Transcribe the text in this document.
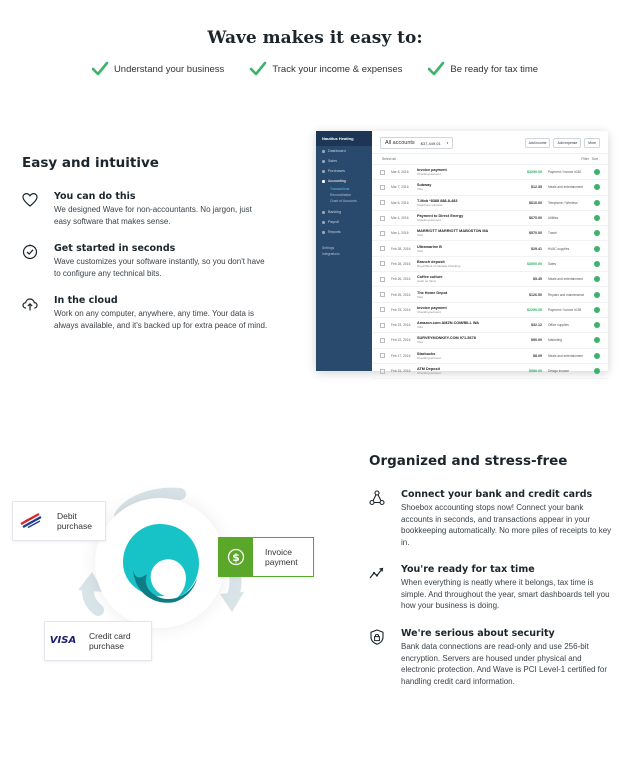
Wave makes it easy to:
Understand your business	Track your income & expenses	Be ready for tax time
Easy and intuitive
You can do this

We designed Wave for non-accountants. No jargon, just easy software that makes sense.

Get started in seconds

Wave customizes your software instantly, so you don't have to configure any technical bits.

In the cloud

Work on any computer, anywhere, any time. Your data is always available, and it's backed up for extra peace of mind.

Nautilus Heating
Dashboard
Sales
Purchases
Accounting
Transactions
Reconciliation
Chart of Accounts
Banking
Payroll
Reports
Settings
Integrations
All accounts $37,449.01 ▾	Add income	Add expense	More
Select all	Filter Sort
Mar 8, 2016	Invoice payment
Checking account	$3290.00	Payment / Invoice #162
Mar 7, 2016	Subway
Visa	$12.35	Meals and entertainment
Mar 6, 2016	T-Mob *8388 888-8-483
Telephone wireless	$610.00	Telephone / Wireless
Mar 4, 2016	Payment to Direct Energy
Checking account	$670.00	Utilities
Mar 1, 2016	MARRIOTT MARRIOTT MABOSTON MA
Visa	$570.00	Travel
Feb 28, 2016	Ultramarine B
Visa	$29.41	HVAC supplies
Feb 28, 2016	Branch deposit
Royal Bank of Canada Checking	$3000.00	Sales
Feb 26, 2016	Coffee culture
Cash on hand	$5.45	Meals and entertainment
Feb 25, 2016	The Home Depot
Visa	$126.50	Repairs and maintenance
Feb 23, 2016	Invoice payment
Checking account	$2290.00	Payment / Invoice #155
Feb 23, 2016	Amazon.com AMZN.COM/BILL WA
Visa	$32.12	Office supplies
Feb 22, 2016	SURVEYMONKEY.COM 971-5678
Visa	$90.00	Marketing
Feb 17, 2016	Starbucks
Checking account	$8.09	Meals and entertainment
Feb 15, 2016	ATM Deposit
Checking account	$980.00	Design income
Organized and stress-free
Connect your bank and credit cards

Shoebox accounting stops now! Connect your bank accounts in seconds, and transactions appear in your bookkeeping automatically. No more piles of receipts to key in.

You're ready for tax time

When everything is neatly where it belongs, tax time is simple. And throughout the year, smart dashboards tell you how your business is doing.

We're serious about security

Bank data connections are read-only and use 256-bit encryption. Servers are housed under physical and electronic protection. And Wave is PCI Level-1 certified for handling credit card information.

Debit
purchase
$	Invoice
payment
VISA	Credit card
purchase
